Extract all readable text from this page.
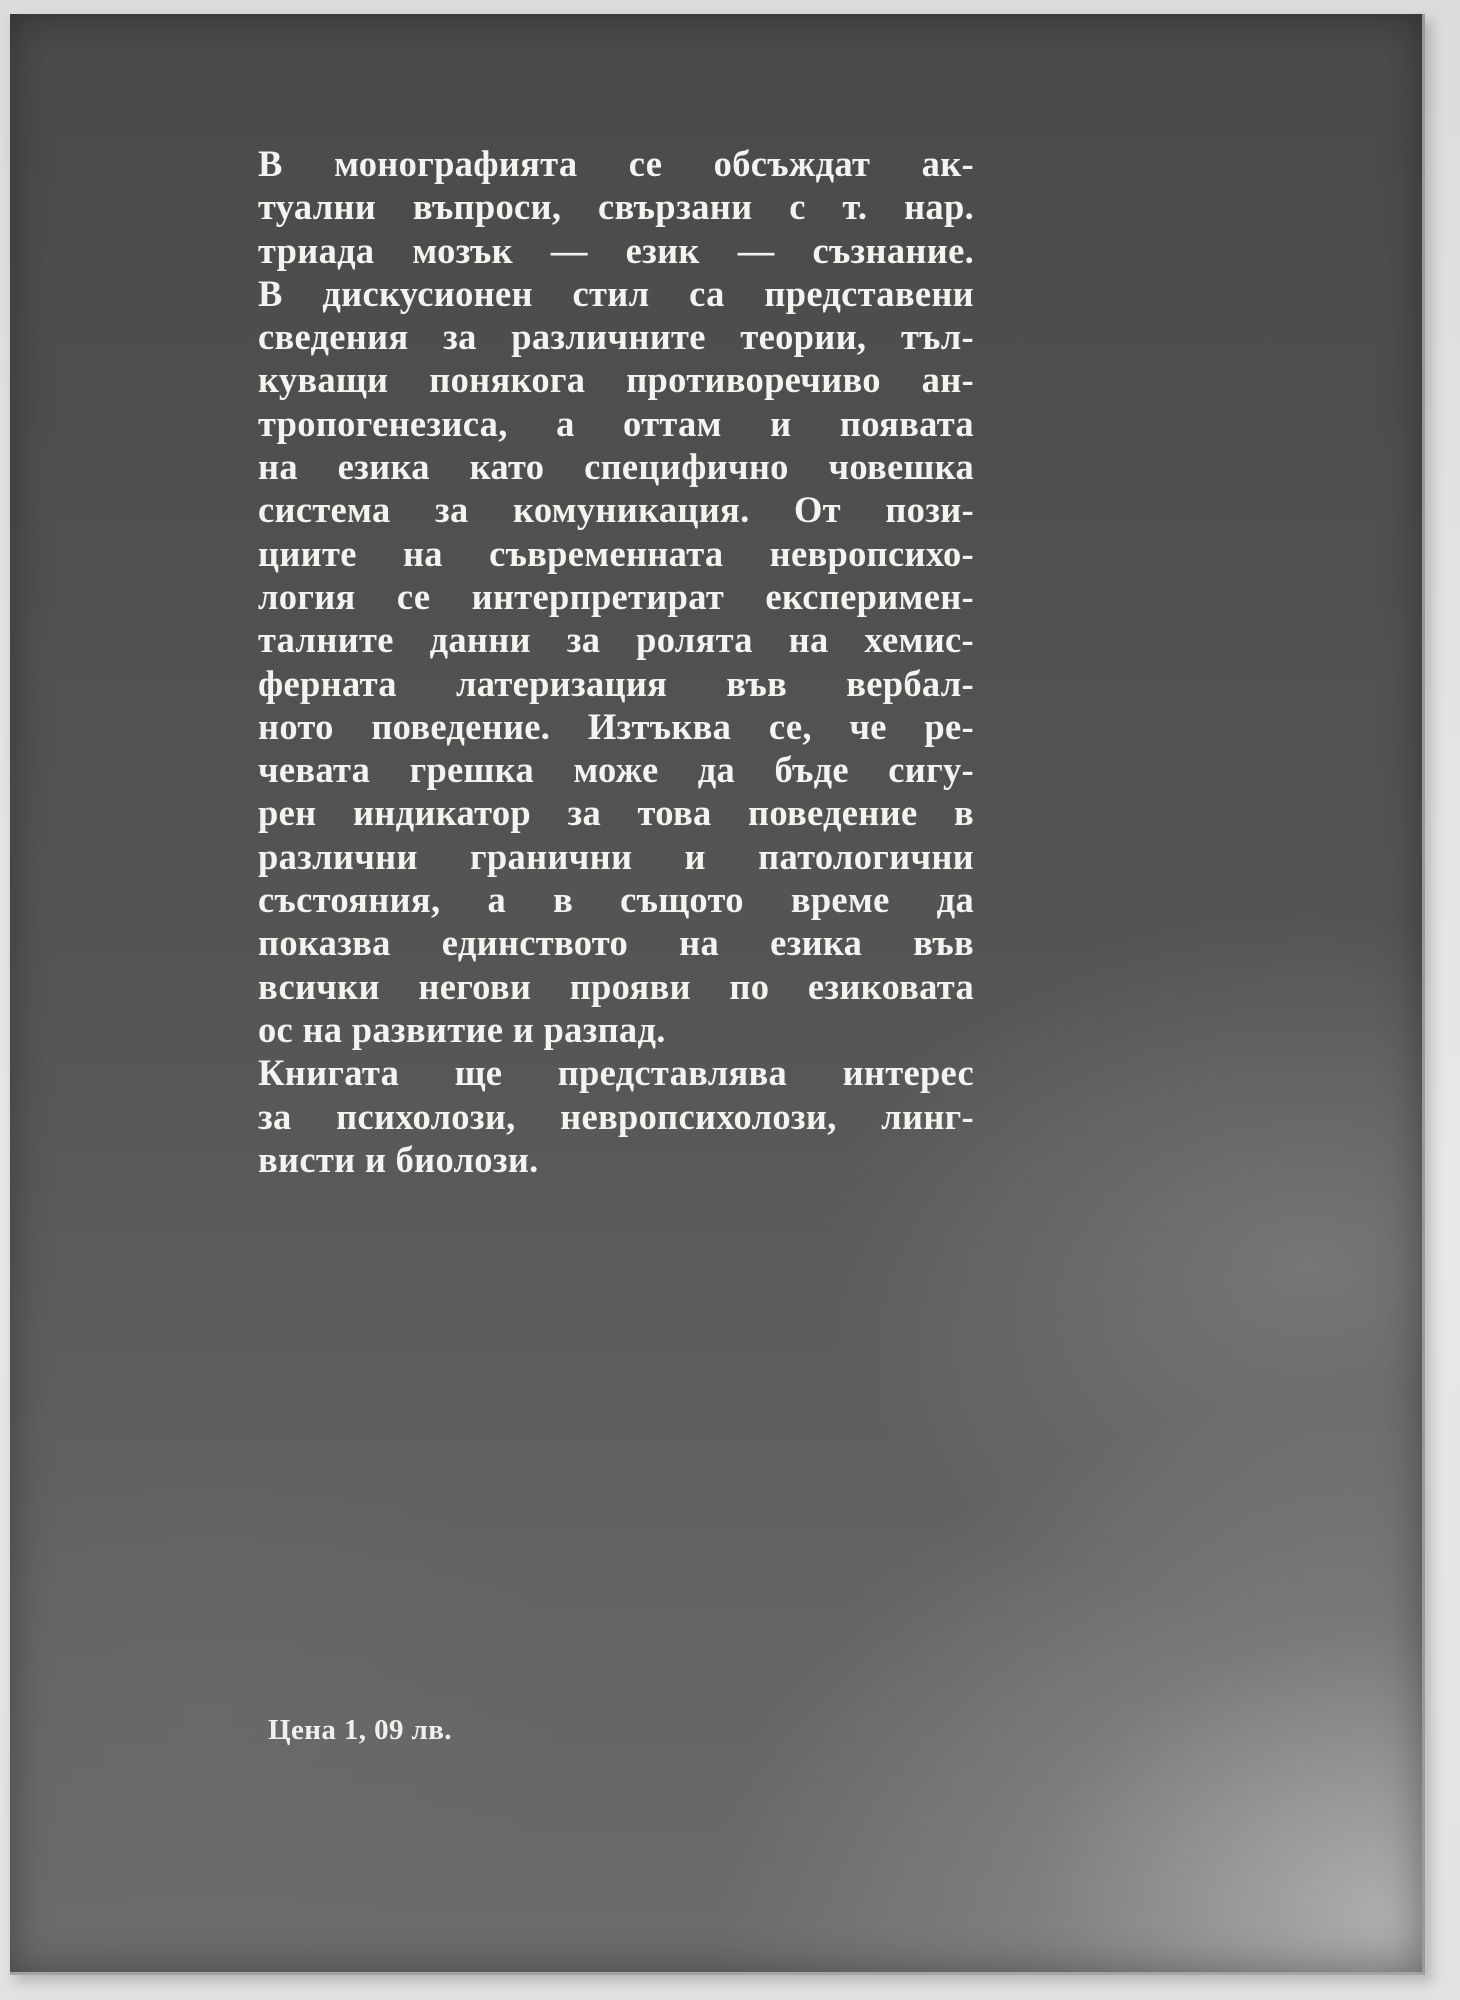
В монографията се обсъждат ак-
туални въпроси, свързани с т. нар.
триада мозък — език — съзнание.
В дискусионен стил са представени
сведения за различните теории, тъл-
куващи понякога противоречиво ан-
тропогенезиса, а оттам и появата
на езика като специфично човешка
система за комуникация. От пози-
циите на съвременната невропсихо-
логия се интерпретират експеримен-
талните данни за ролята на хемис-
ферната латеризация във вербал-
ното поведение. Изтъква се, че ре-
чевата грешка може да бъде сигу-
рен индикатор за това поведение в
различни гранични и патологични
състояния, а в същото време да
показва единството на езика във
всички негови прояви по езиковата
ос на развитие и разпад.
Книгата ще представлява интерес
за психолози, невропсихолози, линг-
висти и биолози.

Цена 1, 09 лв.
